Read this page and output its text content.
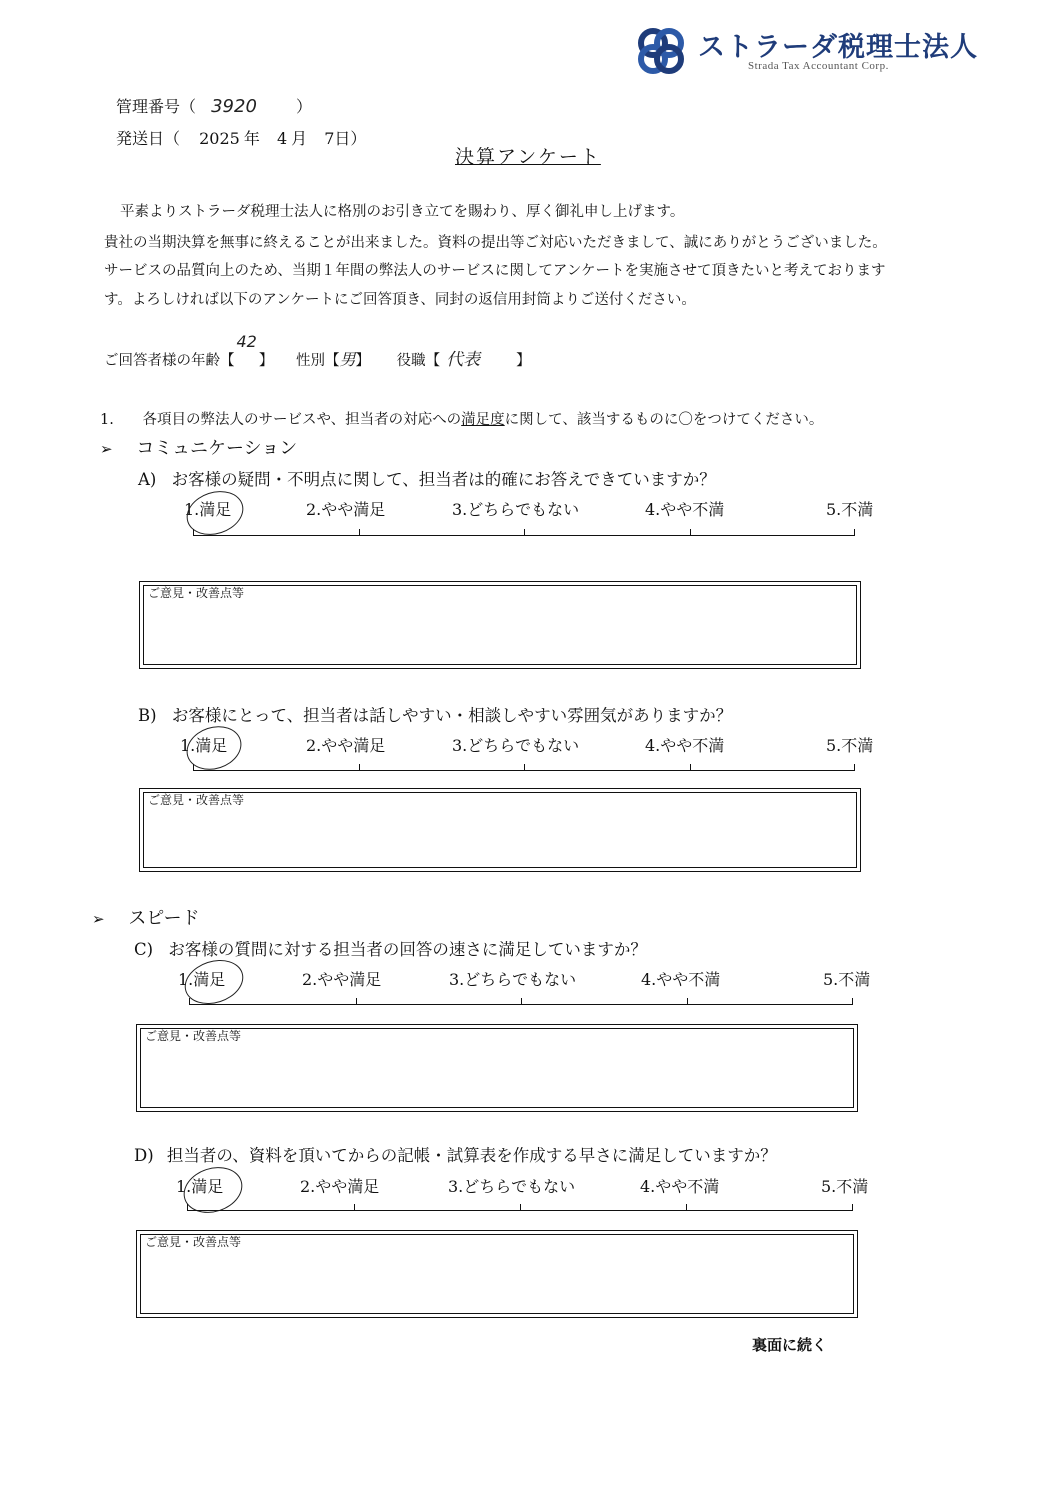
ストラーダ税理士法人
Strada Tax Accountant Corp.
管理番号（ 3920 ）
発送日（ 2025 年 4 月 7日）
決算アンケート
平素よりストラーダ税理士法人に格別のお引き立てを賜わり、厚く御礼申し上げます。
貴社の当期決算を無事に終えることが出来ました。資料の提出等ご対応いただきまして、誠にありがとうございました。
サービスの品質向上のため、当期１年間の弊法人のサービスに関してアンケートを実施させて頂きたいと考えております
す。よろしければ以下のアンケートにご回答頂き、同封の返信用封筒よりご送付ください。
ご回答者様の年齢【42】 性別【男】 役職【 代表 】
1. 各項目の弊法人のサービスや、担当者の対応への満足度に関して、該当するものに〇をつけてください。
➢ コミュニケーション
A) お客様の疑問・不明点に関して、担当者は的確にお答えできていますか？
1.満足	2.やや満足	3.どちらでもない	4.やや不満	5.不満
ご意見・改善点等
B) お客様にとって、担当者は話しやすい・相談しやすい雰囲気がありますか？
1.満足	2.やや満足	3.どちらでもない	4.やや不満	5.不満
ご意見・改善点等
➢ スピード
C) お客様の質問に対する担当者の回答の速さに満足していますか？
1.満足	2.やや満足	3.どちらでもない	4.やや不満	5.不満
ご意見・改善点等
D) 担当者の、資料を頂いてからの記帳・試算表を作成する早さに満足していますか？
1.満足	2.やや満足	3.どちらでもない	4.やや不満	5.不満
ご意見・改善点等
裏面に続く
